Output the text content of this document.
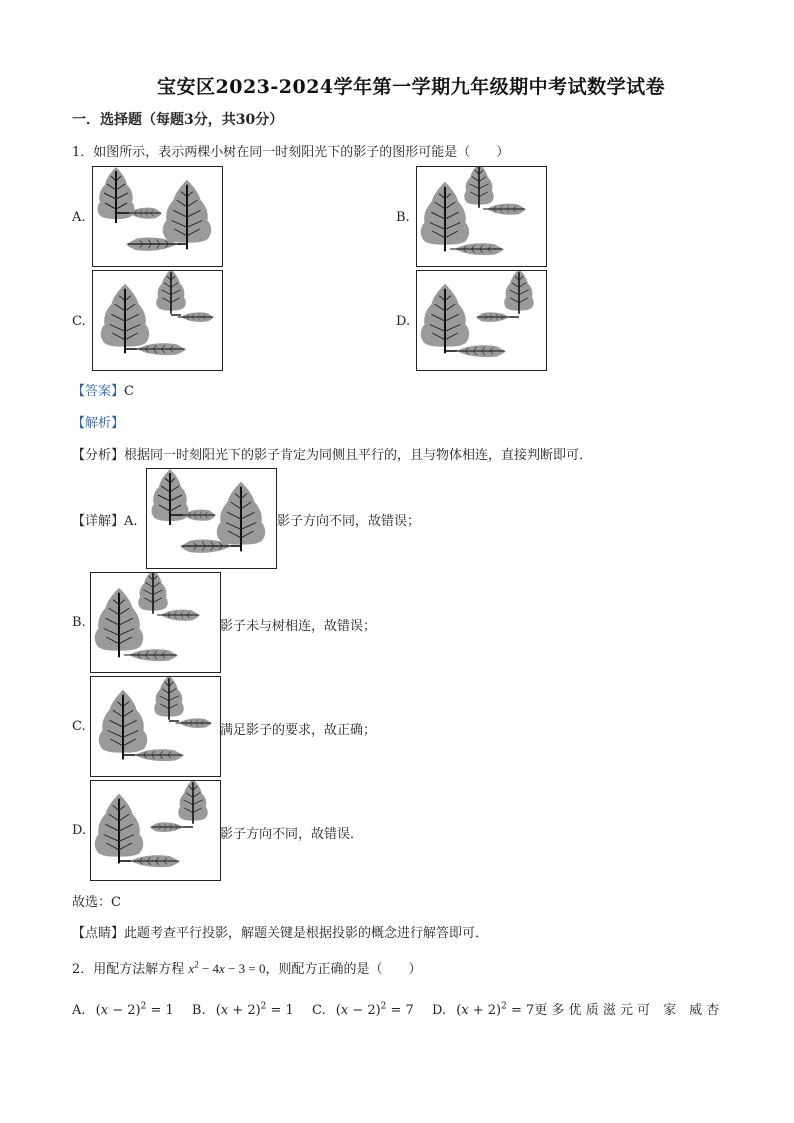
宝安区2023-2024学年第一学期九年级期中考试数学试卷
一．选择题（每题3分，共30分）
1．如图所示，表示两棵小树在同一时刻阳光下的影子的图形可能是（　　）
A.	B.
C.	D.
【答案】C
【解析】
【分析】根据同一时刻阳光下的影子肯定为同侧且平行的，且与物体相连，直接判断即可．
【详解】A.	影子方向不同，故错误；
B.	影子未与树相连，故错误；
C.	满足影子的要求，故正确；
D.	影子方向不同，故错误．
故选：C
【点睛】此题考查平行投影，解题关键是根据投影的概念进行解答即可．
2．用配方法解方程 $x^2 - 4x - 3 = 0$，则配方正确的是（　　）
A. $(x - 2)^2 = 1$ B. $(x + 2)^2 = 1$ C. $(x - 2)^2 = 7$ D. $(x + 2)^2 = 7$更 多 优 质 滋 元 可　家　威 杏
